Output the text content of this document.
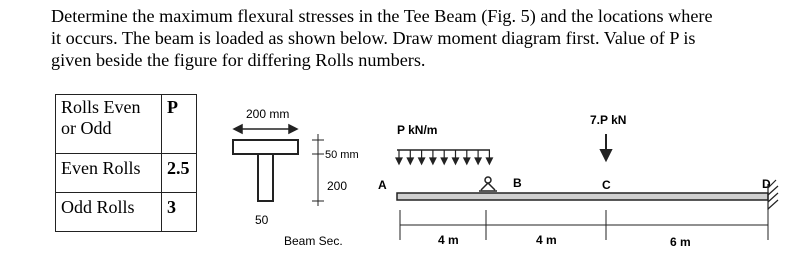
Determine the maximum flexural stresses in the Tee Beam (Fig. 5) and the locations where
it occurs. The beam is loaded as shown below. Draw moment diagram first. Value of P is
given beside the figure for differing Rolls numbers.
Rolls Even
or Odd	P
Even Rolls	2.5
Odd Rolls	3
200 mm
50 mm
200
50
Beam Sec.
A
P kN/m
B
7.P kN
C	D
4 m	4 m	6 m
